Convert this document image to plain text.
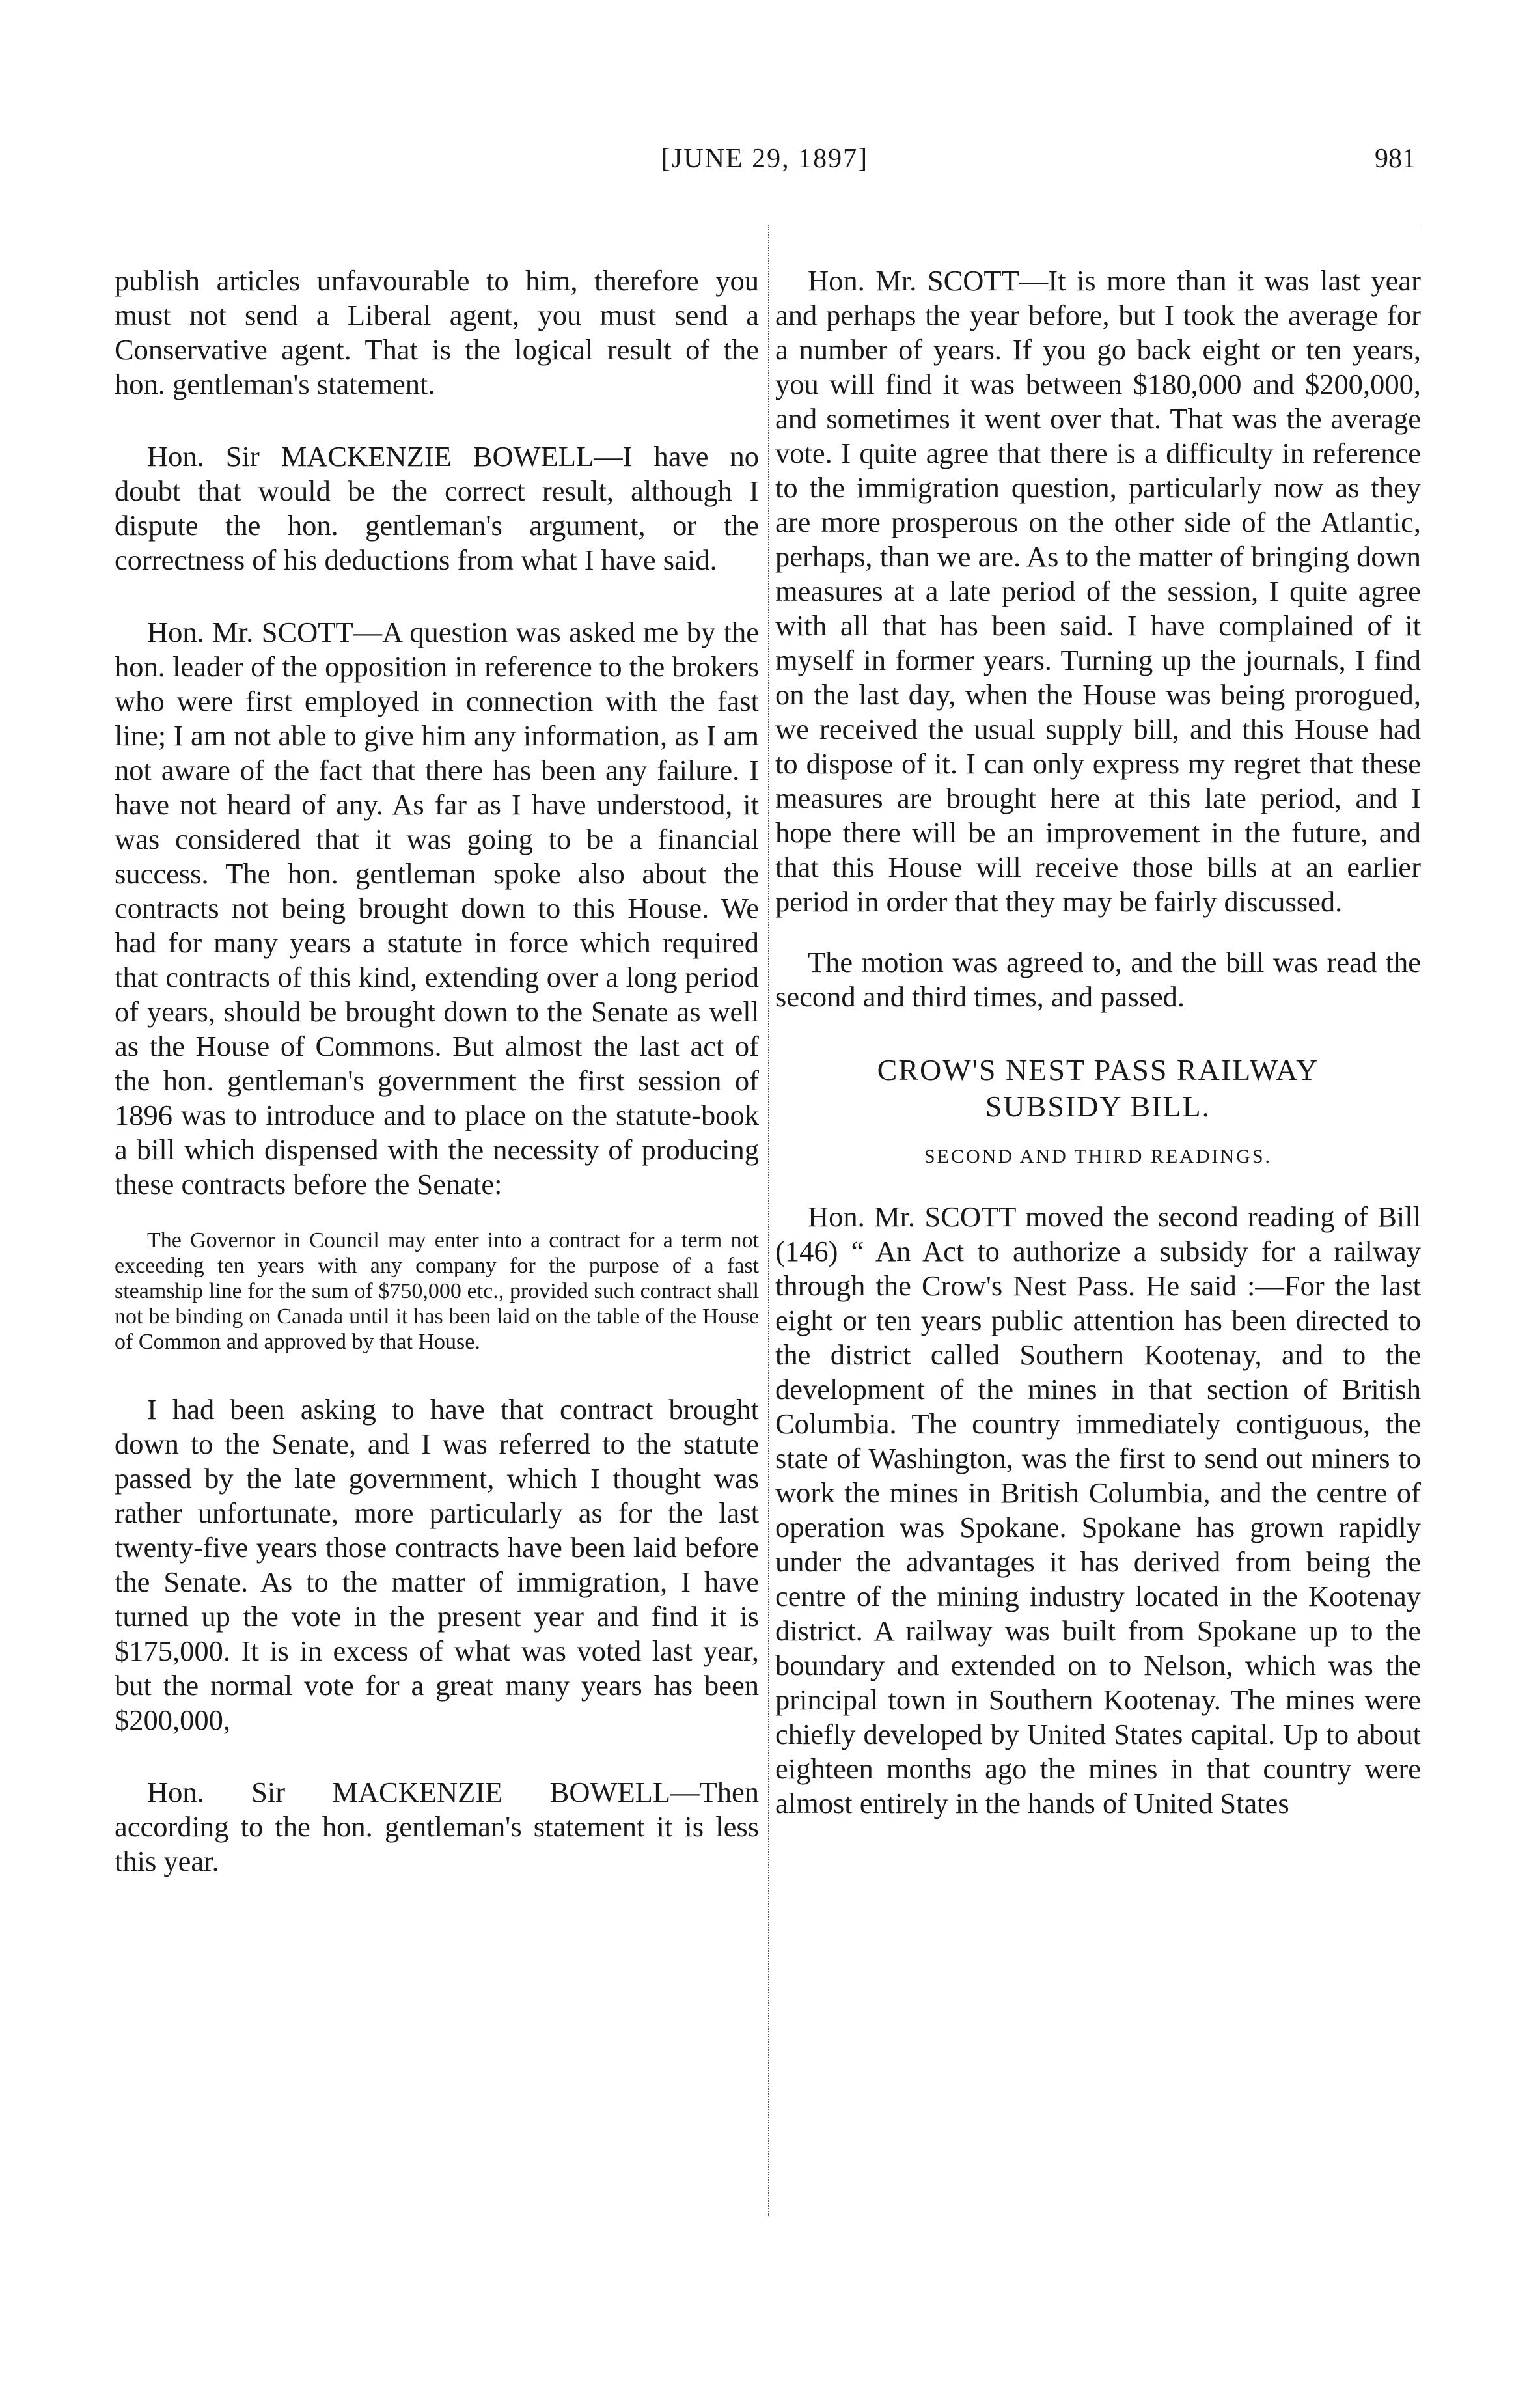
[JUNE 29, 1897]	981

publish articles unfavourable to him, therefore you must not send a Liberal agent, you must send a Conservative agent. That is the logical result of the hon. gentleman's statement.

Hon. Sir MACKENZIE BOWELL—I have no doubt that would be the correct result, although I dispute the hon. gentleman's argument, or the correctness of his deductions from what I have said.

Hon. Mr. SCOTT—A question was asked me by the hon. leader of the opposition in reference to the brokers who were first employed in connection with the fast line; I am not able to give him any information, as I am not aware of the fact that there has been any failure. I have not heard of any. As far as I have understood, it was considered that it was going to be a financial success. The hon. gentleman spoke also about the contracts not being brought down to this House. We had for many years a statute in force which required that contracts of this kind, extending over a long period of years, should be brought down to the Senate as well as the House of Commons. But almost the last act of the hon. gentleman's government the first session of 1896 was to introduce and to place on the statute-book a bill which dispensed with the necessity of producing these contracts before the Senate:

The Governor in Council may enter into a contract for a term not exceeding ten years with any company for the purpose of a fast steamship line for the sum of $750,000 etc., provided such contract shall not be binding on Canada until it has been laid on the table of the House of Common and approved by that House.

I had been asking to have that contract brought down to the Senate, and I was referred to the statute passed by the late government, which I thought was rather unfortunate, more particularly as for the last twenty-five years those contracts have been laid before the Senate. As to the matter of immigration, I have turned up the vote in the present year and find it is $175,000. It is in excess of what was voted last year, but the normal vote for a great many years has been $200,000,

Hon. Sir MACKENZIE BOWELL—Then according to the hon. gentleman's statement it is less this year.

Hon. Mr. SCOTT—It is more than it was last year and perhaps the year before, but I took the average for a number of years. If you go back eight or ten years, you will find it was between $180,000 and $200,000, and sometimes it went over that. That was the average vote. I quite agree that there is a difficulty in reference to the immigration question, particularly now as they are more prosperous on the other side of the Atlantic, perhaps, than we are. As to the matter of bringing down measures at a late period of the session, I quite agree with all that has been said. I have complained of it myself in former years. Turning up the journals, I find on the last day, when the House was being prorogued, we received the usual supply bill, and this House had to dispose of it. I can only express my regret that these measures are brought here at this late period, and I hope there will be an improvement in the future, and that this House will receive those bills at an earlier period in order that they may be fairly discussed.

The motion was agreed to, and the bill was read the second and third times, and passed.

CROW'S NEST PASS RAILWAY

SUBSIDY BILL.

SECOND AND THIRD READINGS.

Hon. Mr. SCOTT moved the second reading of Bill (146) “ An Act to authorize a subsidy for a railway through the Crow's Nest Pass. He said :—For the last eight or ten years public attention has been directed to the district called Southern Kootenay, and to the development of the mines in that section of British Columbia. The country immediately contiguous, the state of Washington, was the first to send out miners to work the mines in British Columbia, and the centre of operation was Spokane. Spokane has grown rapidly under the advantages it has derived from being the centre of the mining industry located in the Kootenay district. A railway was built from Spokane up to the boundary and extended on to Nelson, which was the principal town in Southern Kootenay. The mines were chiefly developed by United States capital. Up to about eighteen months ago the mines in that country were almost entirely in the hands of United States
